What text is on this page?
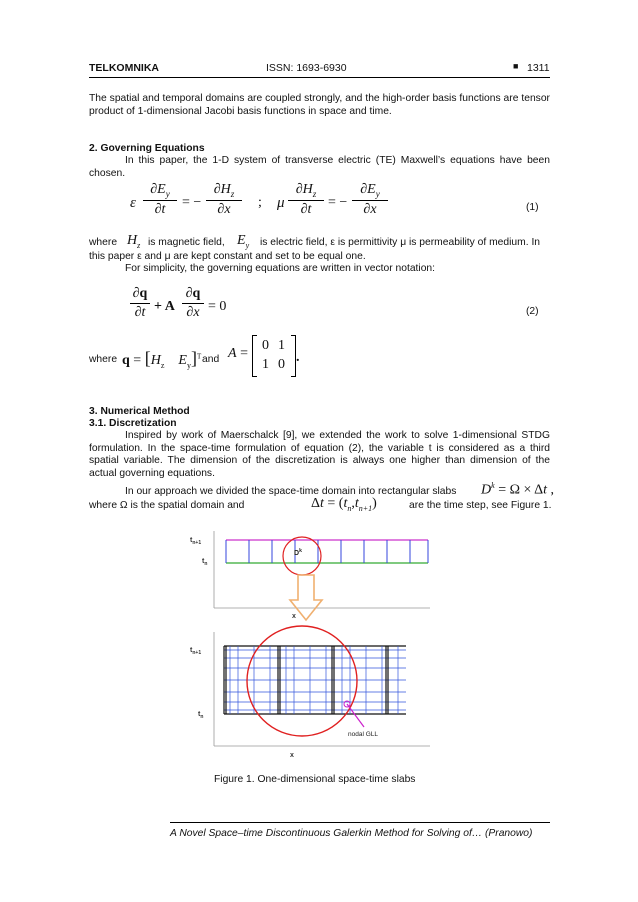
TELKOMNIKA	ISSN: 1693-6930	■ 1311
The spatial and temporal domains are coupled strongly, and the high-order basis functions are tensor product of 1-dimensional Jacobi basis functions in space and time.
2. Governing Equations
In this paper, the 1-D system of transverse electric (TE) Maxwell’s equations have been chosen.
ε
$\partial E_y$
∂t	= −
$\partial H_z$
∂x	; μ
$\partial H_z$
∂t	= −
$\partial E_y$
∂x	(1)
where $H_z$ is magnetic field, $E_y$ is electric field, ε is permittivity μ is permeability of medium. In
this paper ε and μ are kept constant and set to be equal one.
For simplicity, the governing equations are written in vector notation:
∂q
∂t + A
∂q
∂x = 0	(2)
where $q = [H_z$ $E_y]^T$ and A =
0 1
1 0 .
3. Numerical Method
3.1. Discretization
Inspired by work of Maerschalck [9], we extended the work to solve 1-dimensional STDG formulation. In the space-time formulation of equation (2), the variable t is considered as a third spatial variable. The dimension of the discretization is always one higher than dimension of the actual governing equations.
In our approach we divided the space-time domain into rectangular slabs $D^k = \Omega \times \Delta t$ ,
where Ω is the spatial domain and	$\Delta t = (t_n,t_{n+1})$	are the time step, see Figure 1.
$t_{n+1}$
$t_n$
$D^k$
x
$t_{n+1}$
$t_n$
nodal GLL
x
Figure 1. One-dimensional space-time slabs
A Novel Space–time Discontinuous Galerkin Method for Solving of… (Pranowo)
